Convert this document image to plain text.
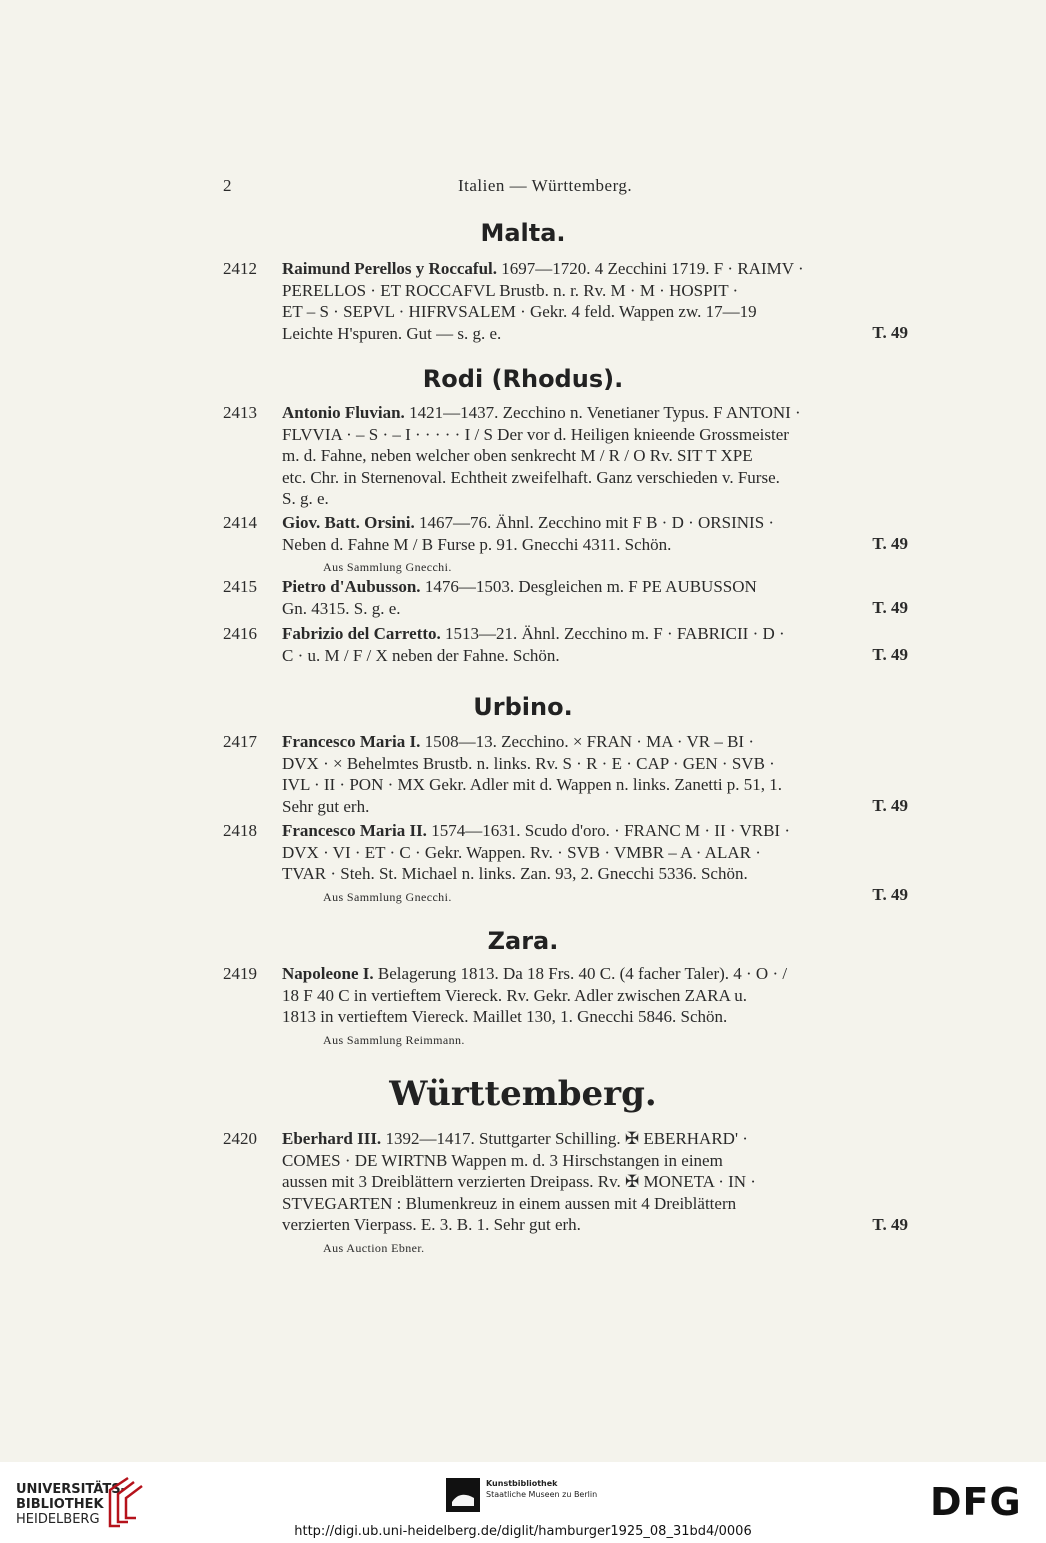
2	Italien — Württemberg.
Malta.
2412 Raimund Perellos y Roccaful. 1697—1720. 4 Zecchini 1719. F · RAIMV ·
PERELLOS · ET ROCCAFVL Brustb. n. r. Rv. M · M · HOSPIT ·
ET – S · SEPVL · HIFRVSALEM · Gekr. 4 feld. Wappen zw. 17—19
Leichte H'spuren. Gut — s. g. e.	T. 49
Rodi (Rhodus).
2413 Antonio Fluvian. 1421—1437. Zecchino n. Venetianer Typus. F ANTONI ·
FLVVIA · – S · – I · · · · · I / S Der vor d. Heiligen knieende Grossmeister
m. d. Fahne, neben welcher oben senkrecht M / R / O Rv. SIT T XPE
etc. Chr. in Sternenoval. Echtheit zweifelhaft. Ganz verschieden v. Furse.
S. g. e.
2414 Giov. Batt. Orsini. 1467—76. Ähnl. Zecchino mit F B · D · ORSINIS ·
Neben d. Fahne M / B Furse p. 91. Gnecchi 4311. Schön.	T. 49
Aus Sammlung Gnecchi.
2415 Pietro d'Aubusson. 1476—1503. Desgleichen m. F PE AUBUSSON
Gn. 4315. S. g. e.	T. 49
2416 Fabrizio del Carretto. 1513—21. Ähnl. Zecchino m. F · FABRICII · D ·
C · u. M / F / X neben der Fahne. Schön.	T. 49
Urbino.
2417 Francesco Maria I. 1508—13. Zecchino. × FRAN · MA · VR – BI ·
DVX · × Behelmtes Brustb. n. links. Rv. S · R · E · CAP · GEN · SVB ·
IVL · II · PON · MX Gekr. Adler mit d. Wappen n. links. Zanetti p. 51, 1.
Sehr gut erh.	T. 49
2418 Francesco Maria II. 1574—1631. Scudo d'oro. · FRANC M · II · VRBI ·
DVX · VI · ET · C · Gekr. Wappen. Rv. · SVB · VMBR – A · ALAR ·
TVAR · Steh. St. Michael n. links. Zan. 93, 2. Gnecchi 5336. Schön.
T. 49
Aus Sammlung Gnecchi.
Zara.
2419 Napoleone I. Belagerung 1813. Da 18 Frs. 40 C. (4 facher Taler). 4 · O · /
18 F 40 C in vertieftem Viereck. Rv. Gekr. Adler zwischen ZARA u.
1813 in vertieftem Viereck. Maillet 130, 1. Gnecchi 5846. Schön.
Aus Sammlung Reimmann.
Württemberg.
2420 Eberhard III. 1392—1417. Stuttgarter Schilling. ✠ EBERHARD' ·
COMES · DE WIRTNB Wappen m. d. 3 Hirschstangen in einem
aussen mit 3 Dreiblättern verzierten Dreipass. Rv. ✠ MONETA · IN ·
STVEGARTEN : Blumenkreuz in einem aussen mit 4 Dreiblättern
verzierten Vierpass. E. 3. B. 1. Sehr gut erh.	T. 49
Aus Auction Ebner.
UNIVERSITÄTS-
BIBLIOTHEK
HEIDELBERG
Kunstbibliothek
Staatliche Museen zu Berlin	DFG
http://digi.ub.uni-heidelberg.de/diglit/hamburger1925_08_31bd4/0006
